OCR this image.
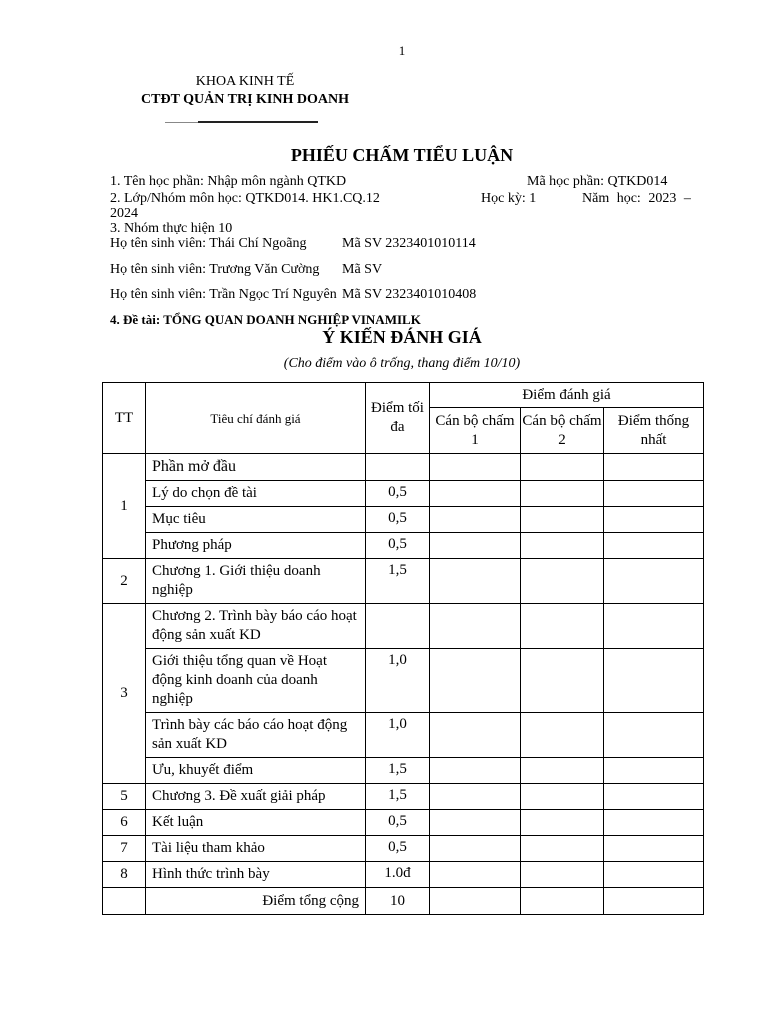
1
KHOA KINH TẾ
CTĐT QUẢN TRỊ KINH DOANH
PHIẾU CHẤM TIỂU LUẬN
1. Tên học phần: Nhập môn ngành QTKD	Mã học phần: QTKD014
2. Lớp/Nhóm môn học: QTKD014. HK1.CQ.12	Học kỳ: 1	Năm học: 2023 –
2024
3. Nhóm thực hiện 10
Họ tên sinh viên: Thái Chí Ngoãng	Mã SV 2323401010114
Họ tên sinh viên: Trương Văn Cường Mã SV
Họ tên sinh viên: Trần Ngọc Trí Nguyên Mã SV 2323401010408
4. Đề tài: TỔNG QUAN DOANH NGHIỆP VINAMILK
Ý KIẾN ĐÁNH GIÁ
(Cho điểm vào ô trống, thang điểm 10/10)
TT	Tiêu chí đánh giá	Điểm tối đa	Điểm đánh giá		
			Cán bộ chấm 1	Cán bộ chấm 2	Điểm thống nhất
1	Phần mở đầu				
	Lý do chọn đề tài	0,5			
	Mục tiêu	0,5			
	Phương pháp	0,5			
2	Chương 1. Giới thiệu doanh nghiệp	1,5			
3	Chương 2. Trình bày báo cáo hoạt động sản xuất KD				
	Giới thiệu tổng quan về Hoạt động kinh doanh của doanh nghiệp	1,0			
	Trình bày các báo cáo hoạt động sản xuất KD	1,0			
	Ưu, khuyết điểm	1,5			
5	Chương 3. Đề xuất giải pháp	1,5			
6	Kết luận	0,5			
7	Tài liệu tham khảo	0,5			
8	Hình thức trình bày	1.0đ			
	Điểm tổng cộng	10			
